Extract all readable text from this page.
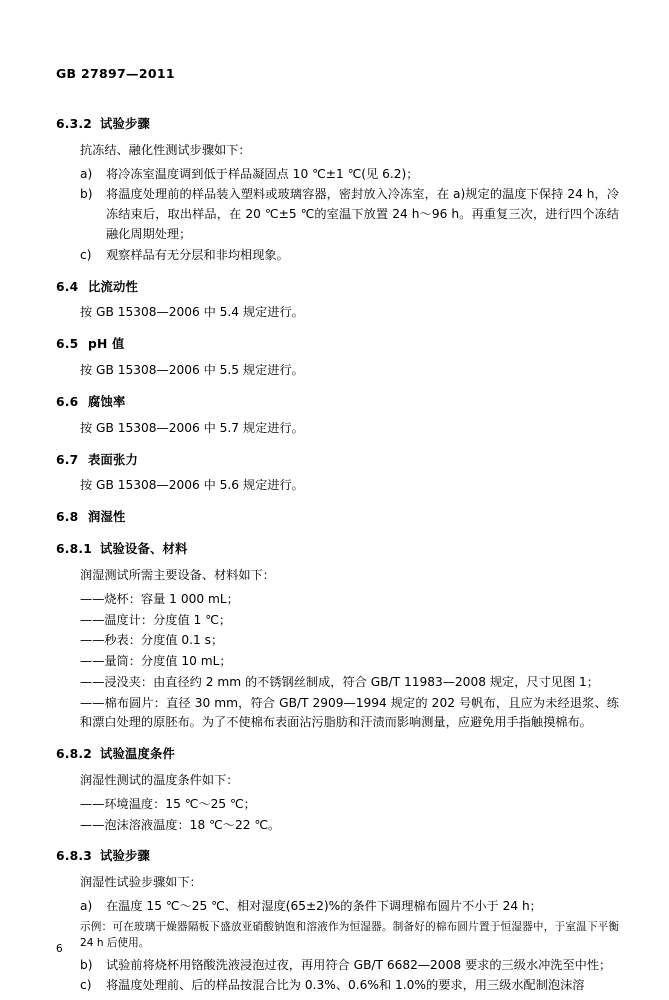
GB 27897—2011
6.3.2 试验步骤
抗冻结、融化性测试步骤如下：
a)	将冷冻室温度调到低于样品凝固点 10 ℃±1 ℃(见 6.2)；
b)	将温度处理前的样品装入塑料或玻璃容器，密封放入冷冻室，在 a)规定的温度下保持 24 h，冷冻结束后，取出样品，在 20 ℃±5 ℃的室温下放置 24 h～96 h。再重复三次，进行四个冻结融化周期处理；
c)	观察样品有无分层和非均相现象。
6.4 比流动性
按 GB 15308—2006 中 5.4 规定进行。
6.5 pH 值
按 GB 15308—2006 中 5.5 规定进行。
6.6 腐蚀率
按 GB 15308—2006 中 5.7 规定进行。
6.7 表面张力
按 GB 15308—2006 中 5.6 规定进行。
6.8 润湿性
6.8.1 试验设备、材料
润湿测试所需主要设备、材料如下：
——烧杯：容量 1 000 mL；
——温度计：分度值 1 ℃；
——秒表：分度值 0.1 s；
——量筒：分度值 10 mL；
——浸没夹：由直径约 2 mm 的不锈钢丝制成，符合 GB/T 11983—2008 规定，尺寸见图 1；
——棉布圆片：直径 30 mm，符合 GB/T 2909—1994 规定的 202 号帆布，且应为未经退浆、练和漂白处理的原胚布。为了不使棉布表面沾污脂肪和汗渍而影响测量，应避免用手指触摸棉布。
6.8.2 试验温度条件
润湿性测试的温度条件如下：
——环境温度：15 ℃～25 ℃；
——泡沫溶液温度：18 ℃～22 ℃。
6.8.3 试验步骤
润湿性试验步骤如下：
a)	在温度 15 ℃～25 ℃、相对湿度(65±2)%的条件下调理棉布圆片不小于 24 h；
示例：可在玻璃干燥器隔板下盛放亚硝酸钠饱和溶液作为恒湿器。制备好的棉布圆片置于恒湿器中，于室温下平衡 24 h 后使用。
b)	试验前将烧杯用铬酸洗液浸泡过夜，再用符合 GB/T 6682—2008 要求的三级水冲洗至中性；
c)	将温度处理前、后的样品按混合比为 0.3%、0.6%和 1.0%的要求，用三级水配制泡沫溶
6
